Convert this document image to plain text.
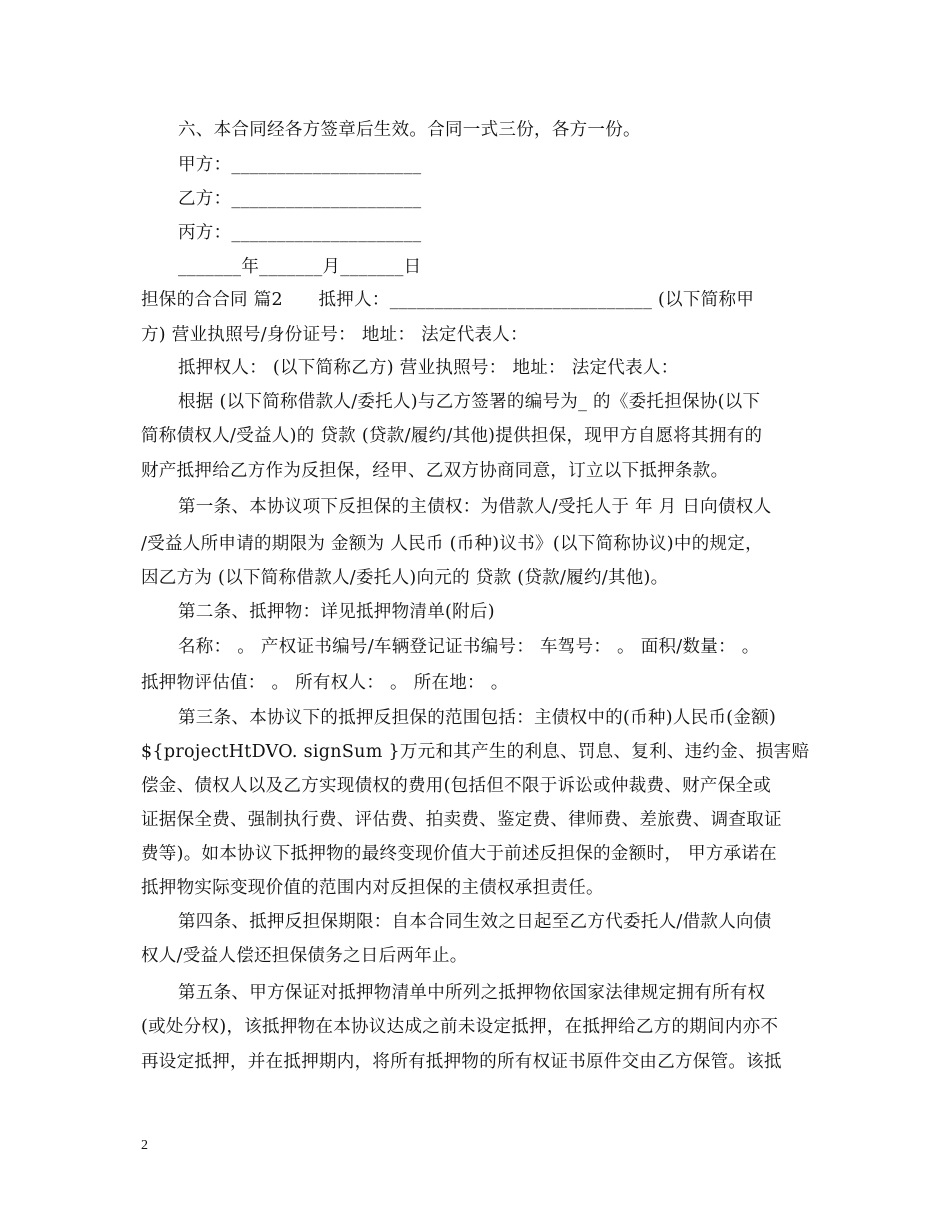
六、本合同经各方签章后生效。合同一式三份，各方一份。
甲方：_____________________
乙方：_____________________
丙方：_____________________
_______年_______月_______日
担保的合合同 篇2　　抵押人：_____________________________ (以下简称甲
方) 营业执照号/身份证号： 地址： 法定代表人：
抵押权人： (以下简称乙方) 营业执照号： 地址： 法定代表人：
根据 (以下简称借款人/委托人)与乙方签署的编号为_ 的《委托担保协(以下
简称债权人/受益人)的 贷款 (贷款/履约/其他)提供担保，现甲方自愿将其拥有的
财产抵押给乙方作为反担保，经甲、乙双方协商同意，订立以下抵押条款。
第一条、本协议项下反担保的主债权：为借款人/受托人于 年 月 日向债权人
/受益人所申请的期限为 金额为 人民币 (币种)议书》(以下简称协议)中的规定，
因乙方为 (以下简称借款人/委托人)向元的 贷款 (贷款/履约/其他)。
第二条、抵押物：详见抵押物清单(附后)
名称： 。 产权证书编号/车辆登记证书编号： 车驾号： 。 面积/数量： 。
抵押物评估值： 。 所有权人： 。 所在地： 。
第三条、本协议下的抵押反担保的范围包括：主债权中的(币种)人民币(金额)
${projectHtDVO. signSum }万元和其产生的利息、罚息、复利、违约金、损害赔
偿金、债权人以及乙方实现债权的费用(包括但不限于诉讼或仲裁费、财产保全或
证据保全费、强制执行费、评估费、拍卖费、鉴定费、律师费、差旅费、调查取证
费等)。如本协议下抵押物的最终变现价值大于前述反担保的金额时， 甲方承诺在
抵押物实际变现价值的范围内对反担保的主债权承担责任。
第四条、抵押反担保期限：自本合同生效之日起至乙方代委托人/借款人向债
权人/受益人偿还担保债务之日后两年止。
第五条、甲方保证对抵押物清单中所列之抵押物依国家法律规定拥有所有权
(或处分权)，该抵押物在本协议达成之前未设定抵押，在抵押给乙方的期间内亦不
再设定抵押，并在抵押期内，将所有抵押物的所有权证书原件交由乙方保管。该抵
2
